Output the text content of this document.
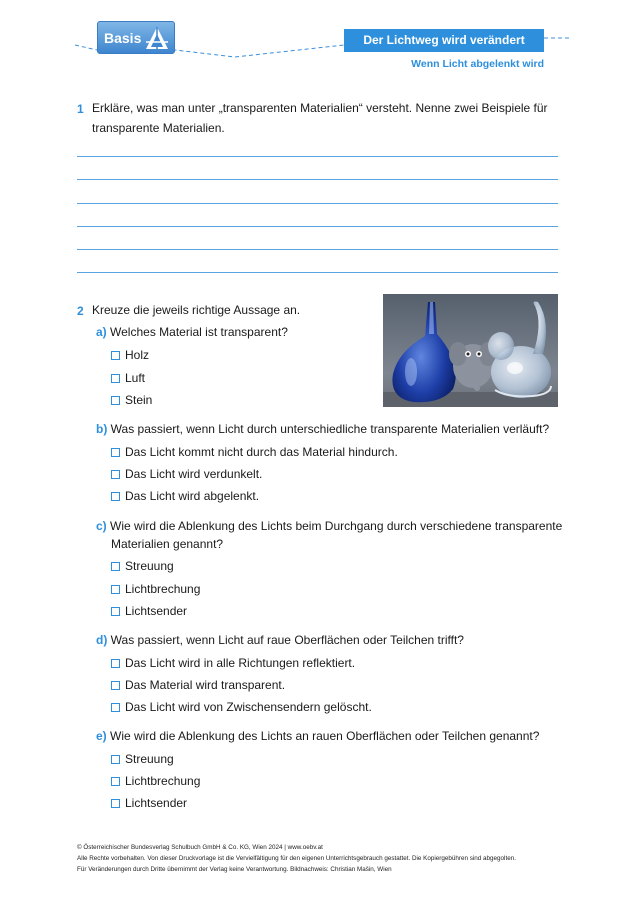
Basis	Der Lichtweg wird verändert
Wenn Licht abgelenkt wird
1 Erkläre, was man unter „transparenten Materialien“ versteht. Nenne zwei Beispiele für
transparente Materialien.
2 Kreuze die jeweils richtige Aussage an.
a) Welches Material ist transparent?
Holz
Luft
Stein
b) Was passiert, wenn Licht durch unterschiedliche transparente Materialien verläuft?
Das Licht kommt nicht durch das Material hindurch.
Das Licht wird verdunkelt.
Das Licht wird abgelenkt.
c) Wie wird die Ablenkung des Lichts beim Durchgang durch verschiedene transparente
Materialien genannt?
Streuung
Lichtbrechung
Lichtsender
d) Was passiert, wenn Licht auf raue Oberflächen oder Teilchen trifft?
Das Licht wird in alle Richtungen reflektiert.
Das Material wird transparent.
Das Licht wird von Zwischensendern gelöscht.
e) Wie wird die Ablenkung des Lichts an rauen Oberflächen oder Teilchen genannt?
Streuung
Lichtbrechung
Lichtsender
© Österreichischer Bundesverlag Schulbuch GmbH & Co. KG, Wien 2024 | www.oebv.at
Alle Rechte vorbehalten. Von dieser Druckvorlage ist die Vervielfältigung für den eigenen Unterrichtsgebrauch gestattet. Die Kopiergebühren sind abgegolten.
Für Veränderungen durch Dritte übernimmt der Verlag keine Verantwortung. Bildnachweis: Christian Mašin, Wien
